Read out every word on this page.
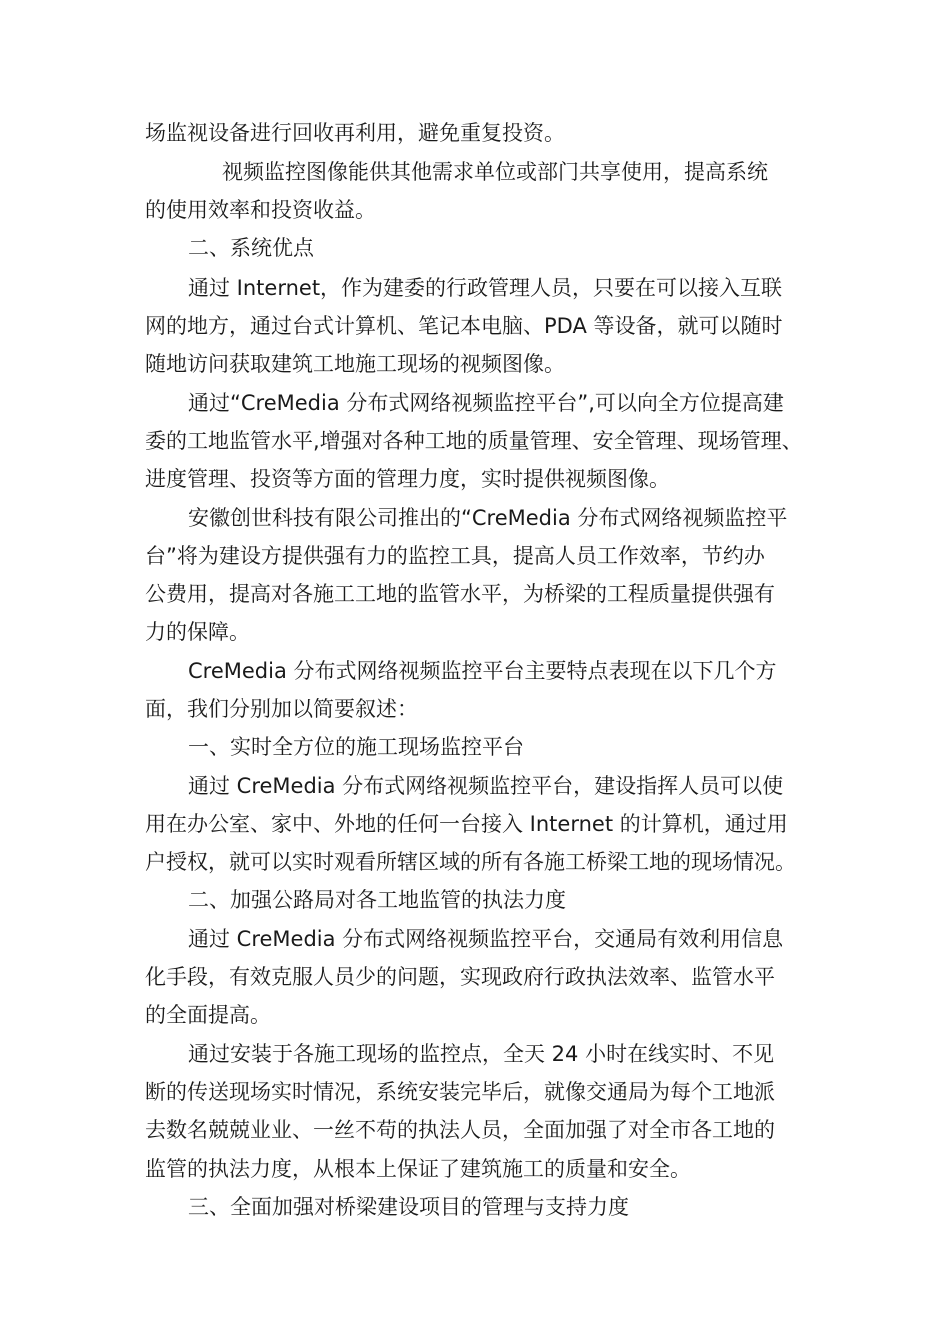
场监视设备进行回收再利用，避免重复投资。
视频监控图像能供其他需求单位或部门共享使用，提高系统
的使用效率和投资收益。
二、系统优点
通过 Internet，作为建委的行政管理人员，只要在可以接入互联
网的地方，通过台式计算机、笔记本电脑、PDA 等设备，就可以随时
随地访问获取建筑工地施工现场的视频图像。
通过“CreMedia 分布式网络视频监控平台”,可以向全方位提高建
委的工地监管水平,增强对各种工地的质量管理、安全管理、现场管理、
进度管理、投资等方面的管理力度，实时提供视频图像。
安徽创世科技有限公司推出的“CreMedia 分布式网络视频监控平
台”将为建设方提供强有力的监控工具，提高人员工作效率，节约办
公费用，提高对各施工工地的监管水平，为桥梁的工程质量提供强有
力的保障。
CreMedia 分布式网络视频监控平台主要特点表现在以下几个方
面，我们分别加以简要叙述：
一、实时全方位的施工现场监控平台
通过 CreMedia 分布式网络视频监控平台，建设指挥人员可以使
用在办公室、家中、外地的任何一台接入 Internet 的计算机，通过用
户授权，就可以实时观看所辖区域的所有各施工桥梁工地的现场情况。
二、加强公路局对各工地监管的执法力度
通过 CreMedia 分布式网络视频监控平台，交通局有效利用信息
化手段，有效克服人员少的问题，实现政府行政执法效率、监管水平
的全面提高。
通过安装于各施工现场的监控点，全天 24 小时在线实时、不见
断的传送现场实时情况，系统安装完毕后，就像交通局为每个工地派
去数名兢兢业业、一丝不苟的执法人员，全面加强了对全市各工地的
监管的执法力度，从根本上保证了建筑施工的质量和安全。
三、全面加强对桥梁建设项目的管理与支持力度
